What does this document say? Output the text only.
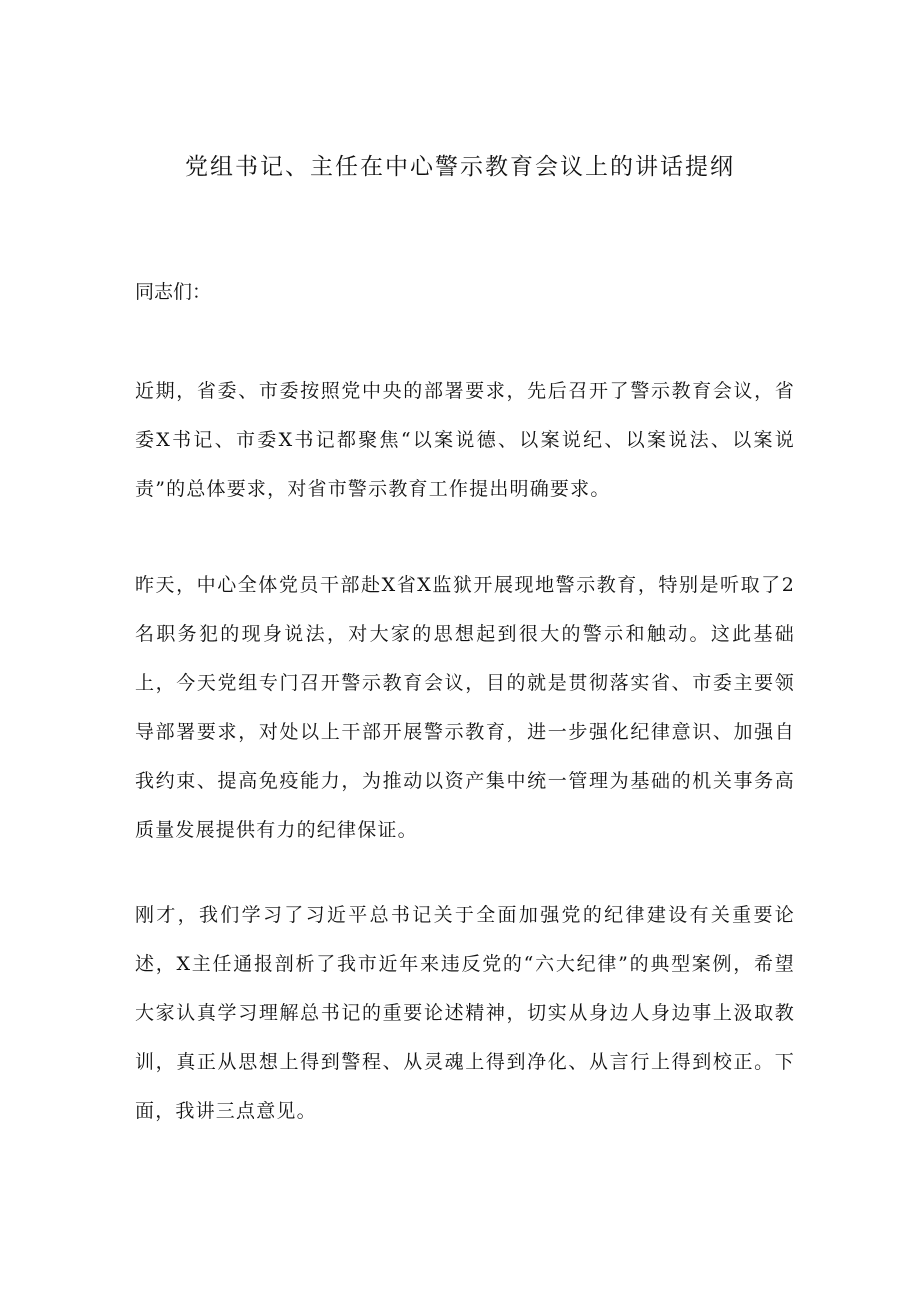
党组书记、主任在中心警示教育会议上的讲话提纲
同志们：

近期，省委、市委按照党中央的部署要求，先后召开了警示教育会议，省委X书记、市委X书记都聚焦“以案说德、以案说纪、以案说法、以案说责”的总体要求，对省市警示教育工作提出明确要求。

昨天，中心全体党员干部赴X省X监狱开展现地警示教育，特别是听取了2名职务犯的现身说法，对大家的思想起到很大的警示和触动。这此基础上，今天党组专门召开警示教育会议，目的就是贯彻落实省、市委主要领导部署要求，对处以上干部开展警示教育，进一步强化纪律意识、加强自我约束、提高免疫能力，为推动以资产集中统一管理为基础的机关事务高质量发展提供有力的纪律保证。

刚才，我们学习了习近平总书记关于全面加强党的纪律建设有关重要论述，X主任通报剖析了我市近年来违反党的“六大纪律”的典型案例，希望大家认真学习理解总书记的重要论述精神，切实从身边人身边事上汲取教训，真正从思想上得到警程、从灵魂上得到净化、从言行上得到校正。下面，我讲三点意见。
